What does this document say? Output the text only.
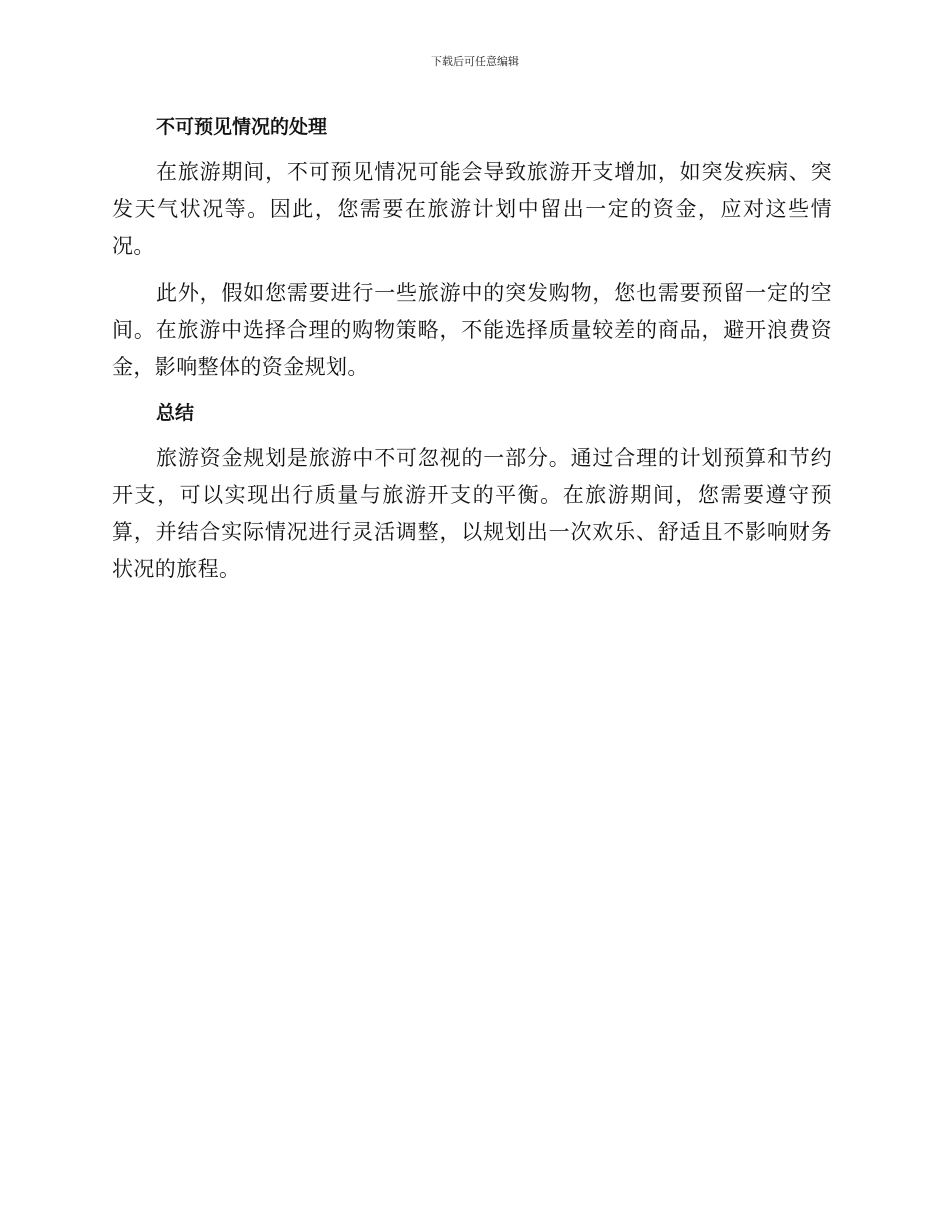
下载后可任意编辑

不可预见情况的处理

在旅游期间，不可预见情况可能会导致旅游开支增加，如突发疾病、突发天气状况等。因此，您需要在旅游计划中留出一定的资金，应对这些情况。

此外，假如您需要进行一些旅游中的突发购物，您也需要预留一定的空间。在旅游中选择合理的购物策略，不能选择质量较差的商品，避开浪费资金，影响整体的资金规划。

总结

旅游资金规划是旅游中不可忽视的一部分。通过合理的计划预算和节约开支，可以实现出行质量与旅游开支的平衡。在旅游期间，您需要遵守预算，并结合实际情况进行灵活调整，以规划出一次欢乐、舒适且不影响财务状况的旅程。
